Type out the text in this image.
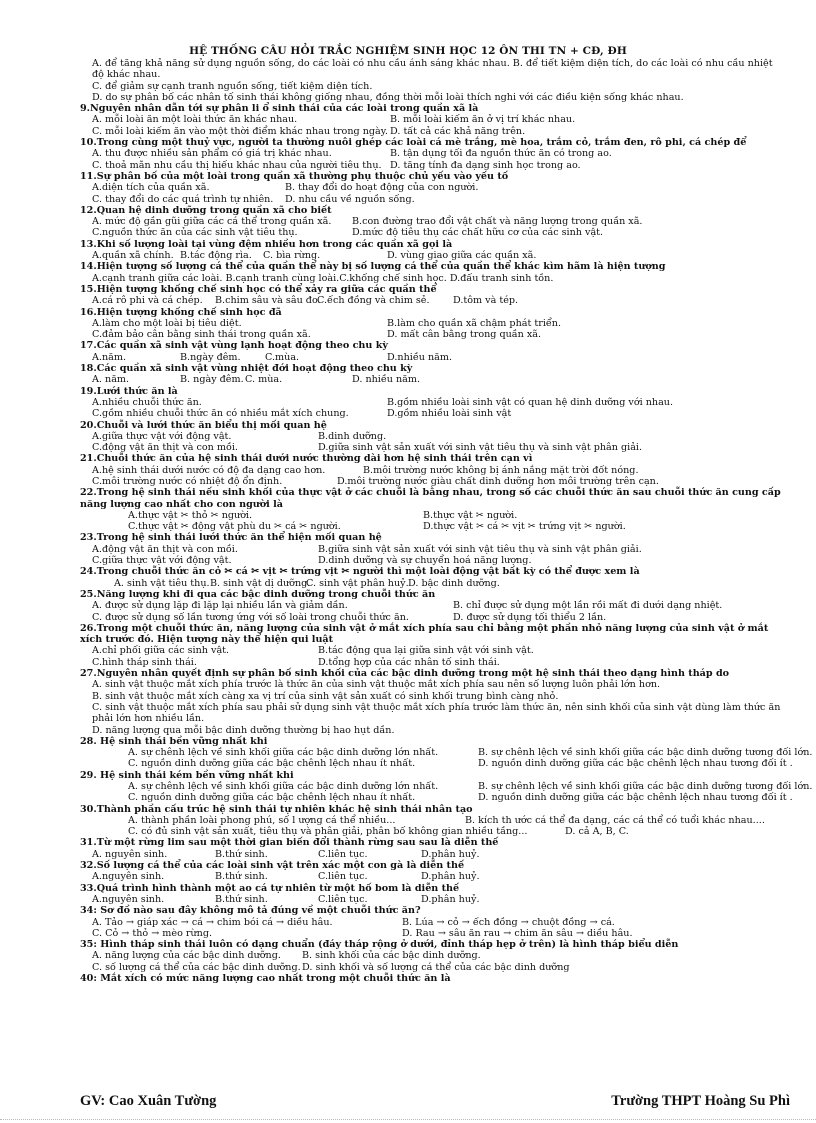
HỆ THỐNG CÂU HỎI TRẮC NGHIỆM SINH HỌC 12 ÔN THI TN + CĐ, ĐH
A. để tăng khả năng sử dụng nguồn sống, do các loài có nhu cầu ánh sáng khác nhau. B. để tiết kiệm diện tích, do các loài có nhu cầu nhiệt độ khác nhau.
C. để giảm sự cạnh tranh nguồn sống, tiết kiệm diện tích.
D. do sự phân bố các nhân tố sinh thái không giống nhau, đồng thời mỗi loài thích nghi với các điều kiện sống khác nhau.
9.Nguyên nhân dẫn tới sự phân li ổ sinh thái của các loài trong quần xã là
A. mỗi loài ăn một loài thức ăn khác nhau.	B. mỗi loài kiếm ăn ở vị trí khác nhau.
C. mỗi loài kiếm ăn vào một thời điểm khác nhau trong ngày. D. tất cả các khả năng trên.
10.Trong cùng một thuỷ vực, người ta thường nuôi ghép các loài cá mè trắng, mè hoa, trắm cỏ, trắm đen, rô phi, cá chép để
A. thu được nhiều sản phẩm có giá trị khác nhau.	B. tận dụng tối đa nguồn thức ăn có trong ao.
C. thoả mãn nhu cầu thị hiếu khác nhau của người tiêu thụ. D. tăng tính đa dạng sinh học trong ao.
11.Sự phân bố của một loài trong quần xã thường phụ thuộc chủ yếu vào yếu tố
A.diện tích của quần xã.	B. thay đổi do hoạt động của con người.
C. thay đổi do các quá trình tự nhiên. D. nhu cầu về nguồn sống.
12.Quan hệ dinh dưỡng trong quần xã cho biết
A. mức độ gần gũi giữa các cá thể trong quần xã. B.con đường trao đổi vật chất và năng lượng trong quần xã.
C.nguồn thức ăn của các sinh vật tiêu thụ.	D.mức độ tiêu thụ các chất hữu cơ của các sinh vật.
13.Khi số lượng loài tại vùng đệm nhiều hơn trong các quần xã gọi là
A.quần xã chính. B.tác động rìa. C. bìa rừng.	D. vùng giao giữa các quần xã.
14.Hiện tượng số lượng cá thể của quần thể này bị số lượng cá thể của quần thể khác kìm hãm là hiện tượng
A.cạnh tranh giữa các loài. B.cạnh tranh cùng loài.C.khống chế sinh học. D.đấu tranh sinh tồn.
15.Hiện tượng khống chế sinh học có thể xảy ra giữa các quần thể
A.cá rô phi và cá chép. B.chim sâu và sâu đo.
C.ếch đồng và chim sẻ. D.tôm và tép.
16.Hiện tượng khống chế sinh học đã
A.làm cho một loài bị tiêu diệt.	B.làm cho quần xã chậm phát triển.
C.đảm bảo cân bằng sinh thái trong quần xã.	D. mất cân bằng trong quần xã.
17.Các quần xã sinh vật vùng lạnh hoạt động theo chu kỳ
A.năm.	B.ngày đêm.	C.mùa.	D.nhiều năm.
18.Các quần xã sinh vật vùng nhiệt đới hoạt động theo chu kỳ
A. năm.	B. ngày đêm. C. mùa.	D. nhiều năm.
19.Lưới thức ăn là
A.nhiều chuỗi thức ăn.	B.gồm nhiều loài sinh vật có quan hệ dinh dưỡng với nhau.
C.gồm nhiều chuỗi thức ăn có nhiều mắt xích chung.	D.gồm nhiều loài sinh vật
20.Chuỗi và lưới thức ăn biểu thị mối quan hệ
A.giữa thực vật với động vật.	B.dinh dưỡng.
C.động vật ăn thịt và con mồi.	D.giữa sinh vật sản xuất với sinh vật tiêu thụ và sinh vật phân giải.
21.Chuỗi thức ăn của hệ sinh thái dưới nước thường dài hơn hệ sinh thái trên cạn vì
A.hệ sinh thái dưới nước có độ đa dạng cao hơn.	B.môi trường nước không bị ánh nắng mặt trời đốt nóng.
C.môi trường nước có nhiệt độ ổn định.	D.môi trường nước giàu chất dinh dưỡng hơn môi trường trên cạn.
22.Trong hệ sinh thái nếu sinh khối của thực vật ở các chuỗi là bằng nhau, trong số các chuỗi thức ăn sau chuỗi thức ăn cung cấp năng lượng cao nhất cho con người là
A.thực vật ✂ thỏ ✂ người.	B.thực vật ✂ người.
C.thực vật ✂ động vật phù du ✂ cá ✂ người.	D.thực vật ✂ cá ✂ vịt ✂ trứng vịt ✂ người.
23.Trong hệ sinh thái lưới thức ăn thể hiện mối quan hệ
A.động vật ăn thịt và con mồi.	B.giữa sinh vật sản xuất với sinh vật tiêu thụ và sinh vật phân giải.
C.giữa thực vật với động vật.	D.dinh dưỡng và sự chuyển hoá năng lượng.
24.Trong chuỗi thức ăn cỏ ✂ cá ✂ vịt ✂ trứng vịt ✂ người thì một loài động vật bất kỳ có thể được xem là
A. sinh vật tiêu thụ. B. sinh vật dị dưỡng.
C. sinh vật phân huỷ. D. bậc dinh dưỡng.
25.Năng lượng khi đi qua các bậc dinh dưỡng trong chuỗi thức ăn
A. được sử dụng lặp đi lặp lại nhiều lần và giảm dần.	B. chỉ được sử dụng một lần rồi mất đi dưới dạng nhiệt.
C. được sử dụng số lần tương ứng với số loài trong chuỗi thức ăn.	D. được sử dụng tối thiểu 2 lần.
26.Trong một chuỗi thức ăn, năng lượng của sinh vật ở mắt xích phía sau chỉ bằng một phần nhỏ năng lượng của sinh vật ở mắt xích trước đó. Hiện tượng này thể hiện qui luật
A.chỉ phối giữa các sinh vật.	B.tác động qua lại giữa sinh vật với sinh vật.
C.hình tháp sinh thái.	D.tổng hợp của các nhân tố sinh thái.
27.Nguyên nhân quyết định sự phân bố sinh khối của các bậc dinh dưỡng trong một hệ sinh thái theo dạng hình tháp do
A. sinh vật thuộc mắt xích phía trước là thức ăn của sinh vật thuộc mắt xích phía sau nên số lượng luôn phải lớn hơn.
B. sinh vật thuộc mắt xích càng xa vị trí của sinh vật sản xuất có sinh khối trung bình càng nhỏ.
C. sinh vật thuộc mắt xích phía sau phải sử dụng sinh vật thuộc mắt xích phía trước làm thức ăn, nên sinh khối của sinh vật dùng làm thức ăn phải lớn hơn nhiều lần.
D. năng lượng qua mỗi bậc dinh dưỡng thường bị hao hụt dần.
28. Hệ sinh thái bền vững nhất khi
A. sự chênh lệch về sinh khối giữa các bậc dinh dưỡng lớn nhất.	B. sự chênh lệch về sinh khối giữa các bậc dinh dưỡng tương đối lớn.
C. nguồn dinh dưỡng giữa các bậc chênh lệch nhau ít nhất.	D. nguồn dinh dưỡng giữa các bậc chênh lệch nhau tương đối ít .
29. Hệ sinh thái kém bền vững nhất khi
A. sự chênh lệch về sinh khối giữa các bậc dinh dưỡng lớn nhất.	B. sự chênh lệch về sinh khối giữa các bậc dinh dưỡng tương đối lớn.
C. nguồn dinh dưỡng giữa các bậc chênh lệch nhau ít nhất.	D. nguồn dinh dưỡng giữa các bậc chênh lệch nhau tương đối ít .
30.Thành phần cấu trúc hệ sinh thái tự nhiên khác hệ sinh thái nhân tạo
A. thành phần loài phong phú, số l ượng cá thể nhiều...	B. kích th ước cá thể đa dạng, các cá thể có tuổi khác nhau....
C. có đủ sinh vật sản xuất, tiêu thụ và phân giải, phân bố không gian nhiều tầng...	D. cả A, B, C.
31.Từ một rừng lim sau một thời gian biến đổi thành rừng sau sau là diễn thế
A. nguyên sinh.	B.thứ sinh.	C.liên tục.	D.phân huỷ.
32.Số lượng cá thể của các loài sinh vật trên xác một con gà là diễn thế
A.nguyên sinh.	B.thứ sinh.	C.liên tục.	D.phân huỷ.
33.Quá trình hình thành một ao cá tự nhiên từ một hố bom là diễn thế
A.nguyên sinh.	B.thứ sinh.	C.liên tục.	D.phân huỷ.
34: Sơ đồ nào sau đây không mô tả đúng về một chuỗi thức ăn?
A. Tảo → giáp xác → cá → chim bói cá → diều hâu.	B. Lúa → cỏ → ếch đồng → chuột đồng → cá.
C. Cỏ → thỏ → mèo rừng.	D. Rau → sâu ăn rau → chim ăn sâu → diều hâu.
35: Hình tháp sinh thái luôn có dạng chuẩn (đáy tháp rộng ở dưới, đỉnh tháp hẹp ở trên) là hình tháp biểu diễn
A. năng lượng của các bậc dinh dưỡng. B. sinh khối của các bậc dinh dưỡng.
C. số lượng cá thể của các bậc dinh dưỡng. D. sinh khối và số lượng cá thể của các bậc dinh dưỡng
40: Mắt xích có mức năng lượng cao nhất trong một chuỗi thức ăn là
GV: Cao Xuân Tường	Trường THPT Hoàng Su Phì
